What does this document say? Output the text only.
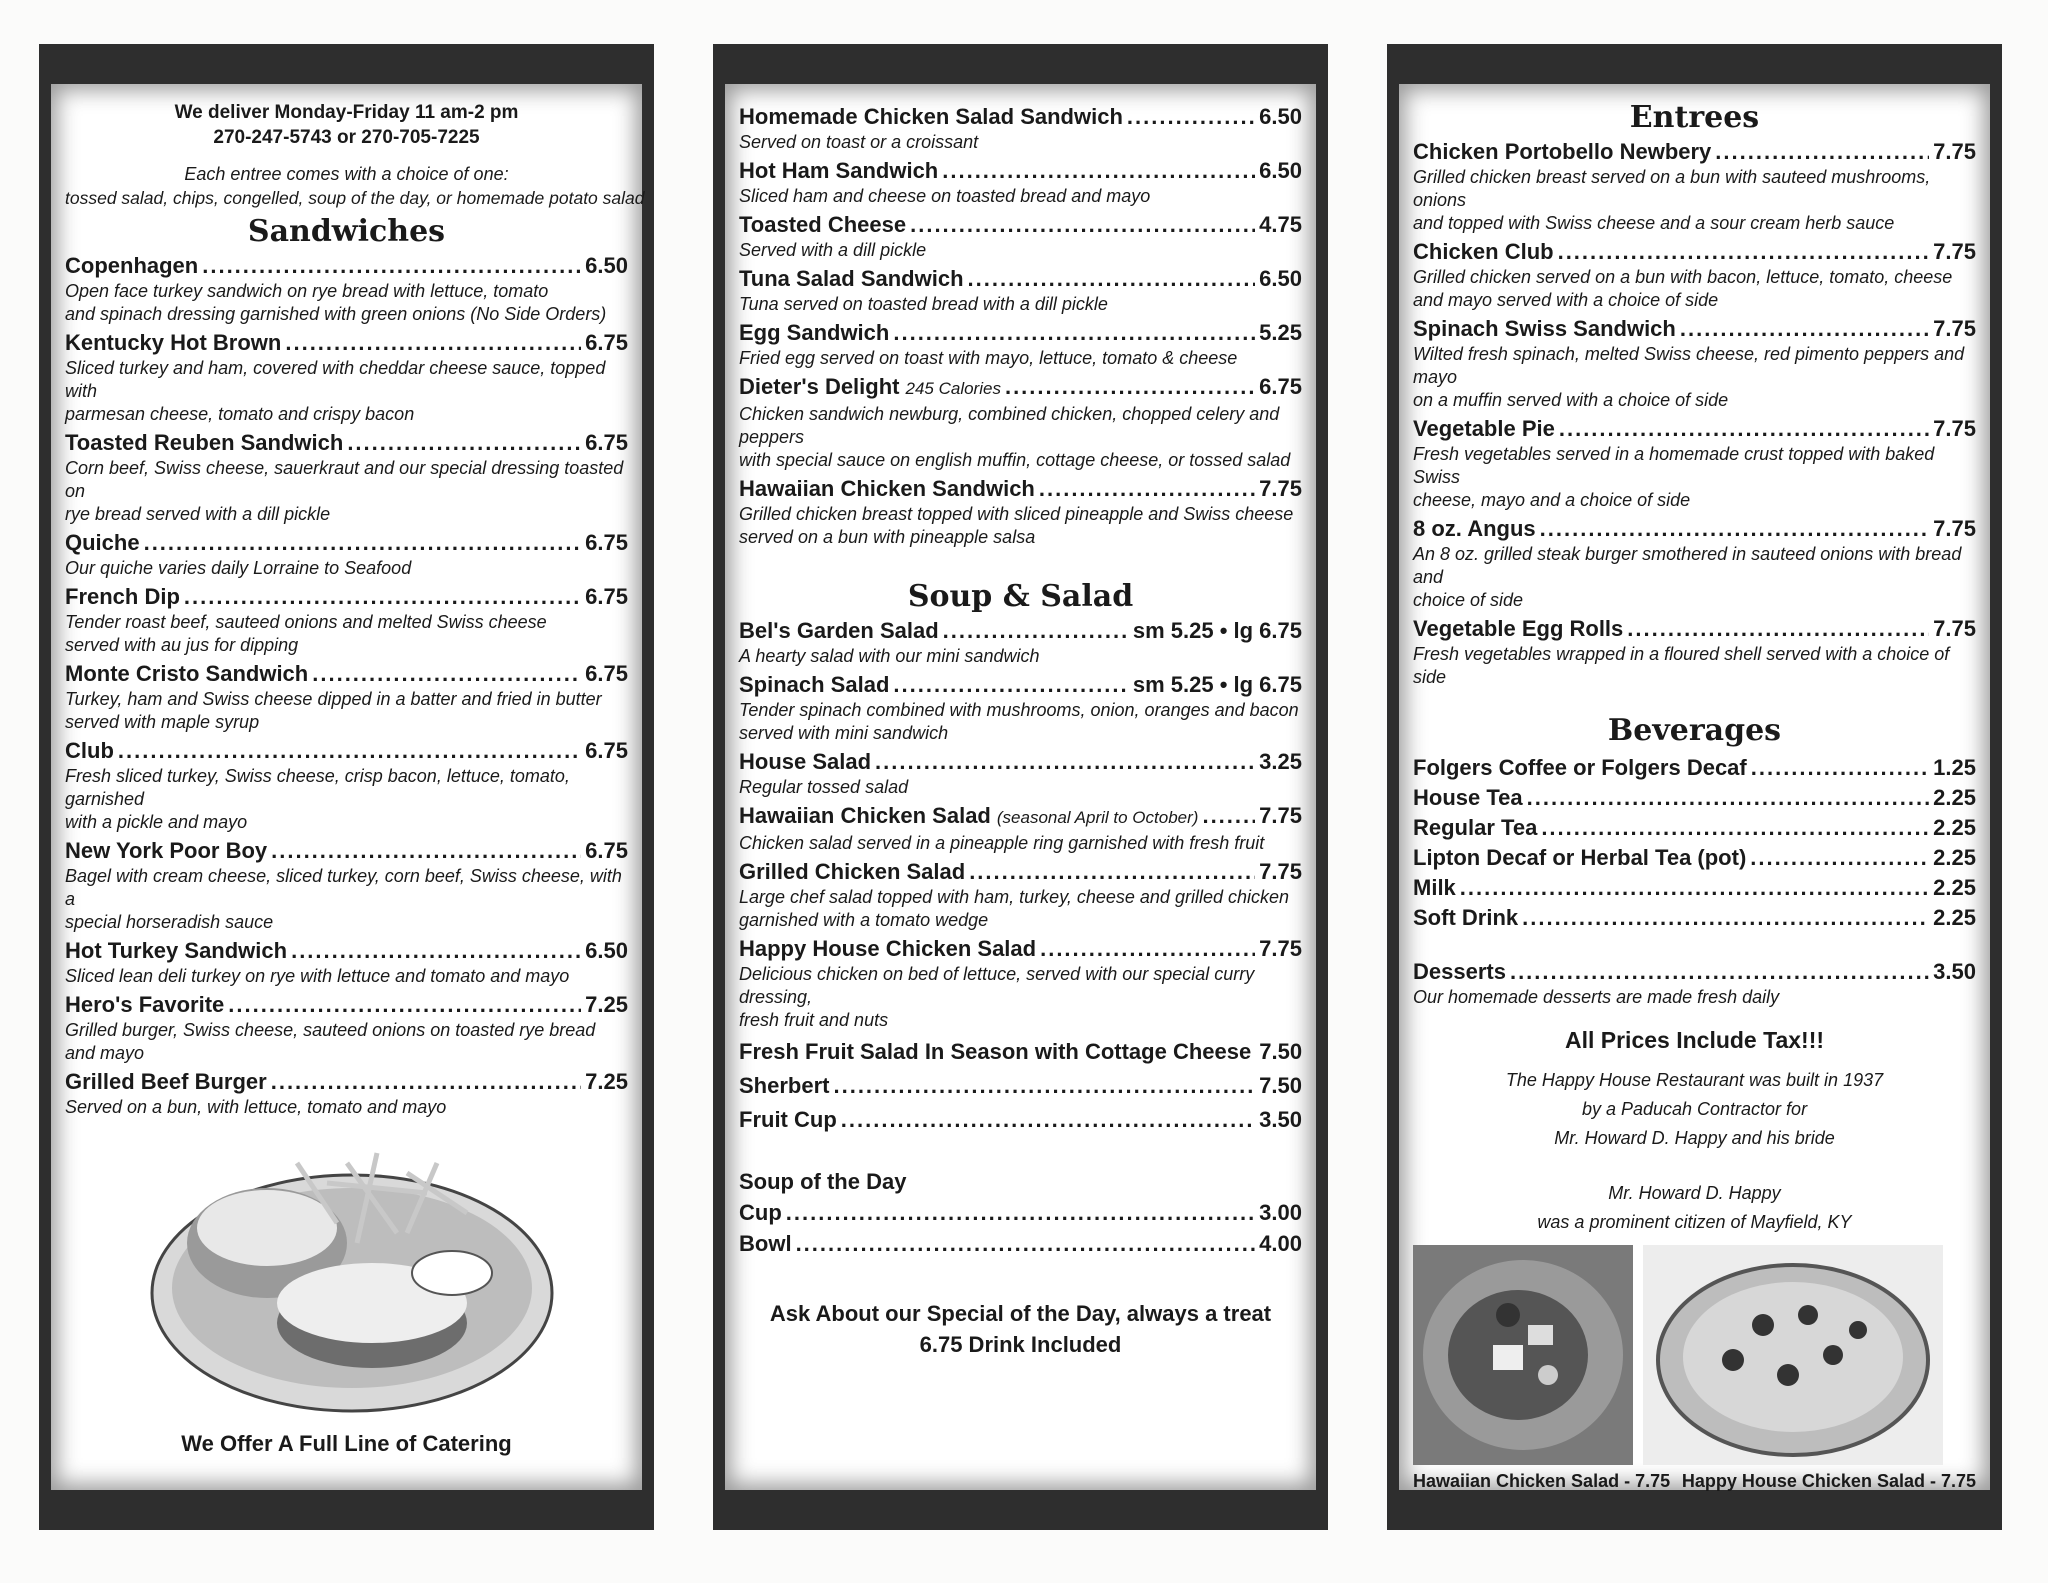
We deliver Monday-Friday 11 am-2 pm
270-247-5743 or 270-705-7225
Each entree comes with a choice of one:
tossed salad, chips, congelled, soup of the day, or homemade potato salad
Sandwiches
Copenhagen .....	6.50
Open face turkey sandwich on rye bread with lettuce, tomato
and spinach dressing garnished with green onions (No Side Orders)
Kentucky Hot Brown .....	6.75
Sliced turkey and ham, covered with cheddar cheese sauce, topped with
parmesan cheese, tomato and crispy bacon
Toasted Reuben Sandwich .....	6.75
Corn beef, Swiss cheese, sauerkraut and our special dressing toasted on
rye bread served with a dill pickle
Quiche .....	6.75
Our quiche varies daily Lorraine to Seafood
French Dip .....	6.75
Tender roast beef, sauteed onions and melted Swiss cheese
served with au jus for dipping
Monte Cristo Sandwich .....	6.75
Turkey, ham and Swiss cheese dipped in a batter and fried in butter
served with maple syrup
Club .....	6.75
Fresh sliced turkey, Swiss cheese, crisp bacon, lettuce, tomato, garnished
with a pickle and mayo
New York Poor Boy .....	6.75
Bagel with cream cheese, sliced turkey, corn beef, Swiss cheese, with a
special horseradish sauce
Hot Turkey Sandwich .....	6.50
Sliced lean deli turkey on rye with lettuce and tomato and mayo
Hero's Favorite .....	7.25
Grilled burger, Swiss cheese, sauteed onions on toasted rye bread and mayo
Grilled Beef Burger .....	7.25
Served on a bun, with lettuce, tomato and mayo
We Offer A Full Line of Catering
Homemade Chicken Salad Sandwich .....	6.50
Served on toast or a croissant
Hot Ham Sandwich .....	6.50
Sliced ham and cheese on toasted bread and mayo
Toasted Cheese .....	4.75
Served with a dill pickle
Tuna Salad Sandwich .....	6.50
Tuna served on toasted bread with a dill pickle
Egg Sandwich .....	5.25
Fried egg served on toast with mayo, lettuce, tomato & cheese
Dieter's Delight 245 Calories .....	6.75
Chicken sandwich newburg, combined chicken, chopped celery and peppers
with special sauce on english muffin, cottage cheese, or tossed salad
Hawaiian Chicken Sandwich .....	7.75
Grilled chicken breast topped with sliced pineapple and Swiss cheese
served on a bun with pineapple salsa
Soup & Salad
Bel's Garden Salad .....	sm 5.25 • lg 6.75
A hearty salad with our mini sandwich
Spinach Salad .....	sm 5.25 • lg 6.75
Tender spinach combined with mushrooms, onion, oranges and bacon
served with mini sandwich
House Salad .....	3.25
Regular tossed salad
Hawaiian Chicken Salad (seasonal April to October) .....	7.75
Chicken salad served in a pineapple ring garnished with fresh fruit
Grilled Chicken Salad .....	7.75
Large chef salad topped with ham, turkey, cheese and grilled chicken
garnished with a tomato wedge
Happy House Chicken Salad .....	7.75
Delicious chicken on bed of lettuce, served with our special curry dressing,
fresh fruit and nuts
Fresh Fruit Salad In Season with Cottage Cheese 7.50
Sherbert .....	7.50
Fruit Cup .....	3.50
Soup of the Day
Cup .....	3.00
Bowl .....	4.00
Ask About our Special of the Day, always a treat
6.75 Drink Included
Entrees
Chicken Portobello Newbery .....	7.75
Grilled chicken breast served on a bun with sauteed mushrooms, onions
and topped with Swiss cheese and a sour cream herb sauce
Chicken Club .....	7.75
Grilled chicken served on a bun with bacon, lettuce, tomato, cheese
and mayo served with a choice of side
Spinach Swiss Sandwich .....	7.75
Wilted fresh spinach, melted Swiss cheese, red pimento peppers and mayo
on a muffin served with a choice of side
Vegetable Pie .....	7.75
Fresh vegetables served in a homemade crust topped with baked Swiss
cheese, mayo and a choice of side
8 oz. Angus .....	7.75
An 8 oz. grilled steak burger smothered in sauteed onions with bread and
choice of side
Vegetable Egg Rolls .....	7.75
Fresh vegetables wrapped in a floured shell served with a choice of side
Beverages
Folgers Coffee or Folgers Decaf .....	1.25
House Tea .....	2.25
Regular Tea .....	2.25
Lipton Decaf or Herbal Tea (pot) .....	2.25
Milk .....	2.25
Soft Drink .....	2.25
Desserts .....	3.50
Our homemade desserts are made fresh daily
All Prices Include Tax!!!
The Happy House Restaurant was built in 1937
by a Paducah Contractor for
Mr. Howard D. Happy and his bride
Mr. Howard D. Happy
was a prominent citizen of Mayfield, KY
Hawaiian Chicken Salad - 7.75 Happy House Chicken Salad - 7.75
